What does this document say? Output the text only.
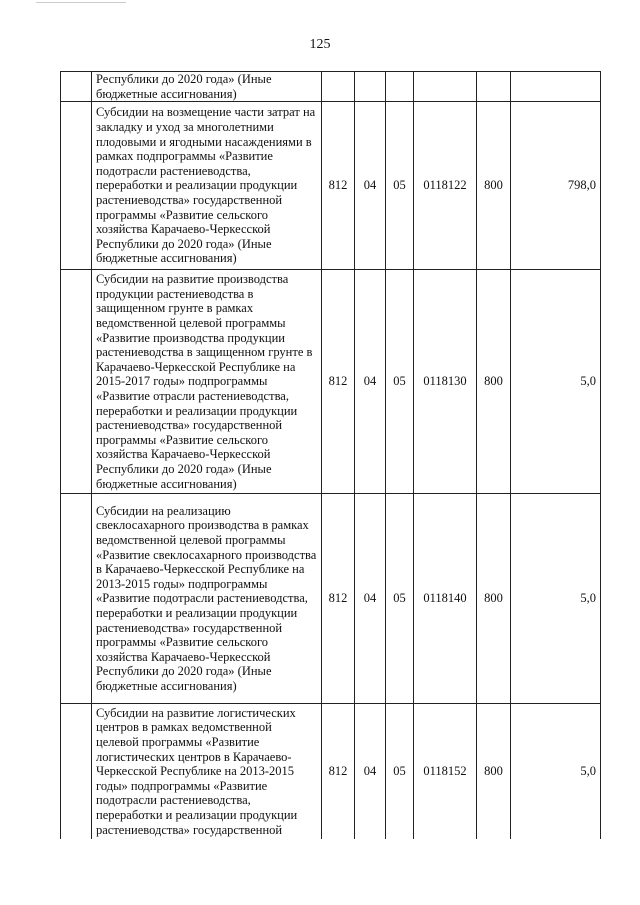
125
	Республики до 2020 года» (Иные бюджетные ассигнования)						
	Субсидии на возмещение части затрат на закладку и уход за многолетними плодовыми и ягодными насаждениями в рамках подпрограммы «Развитие подотрасли растениеводства, переработки и реализации продукции растениеводства» государственной программы «Развитие сельского хозяйства Карачаево-Черкесской Республики до 2020 года» (Иные бюджетные ассигнования)	812	04	05	0118122	800	798,0
	Субсидии на развитие производства продукции растениеводства в защищенном грунте в рамках ведомственной целевой программы «Развитие производства продукции растениеводства в защищенном грунте в Карачаево-Черкесской Республике на 2015-2017 годы» подпрограммы «Развитие отрасли растениеводства, переработки и реализации продукции растениеводства» государственной программы «Развитие сельского хозяйства Карачаево-Черкесской Республики до 2020 года» (Иные бюджетные ассигнования)	812	04	05	0118130	800	5,0
	Субсидии на реализацию свеклосахарного производства в рамках ведомственной целевой программы «Развитие свеклосахарного производства в Карачаево-Черкесской Республике на 2013-2015 годы» подпрограммы «Развитие подотрасли растениеводства, переработки и реализации продукции растениеводства» государственной программы «Развитие сельского хозяйства Карачаево-Черкесской Республики до 2020 года» (Иные бюджетные ассигнования)	812	04	05	0118140	800	5,0
	Субсидии на развитие логистических центров в рамках ведомственной целевой программы «Развитие логистических центров в Карачаево-Черкесской Республике на 2013-2015 годы» подпрограммы «Развитие подотрасли растениеводства, переработки и реализации продукции растениеводства» государственной	812	04	05	0118152	800	5,0
